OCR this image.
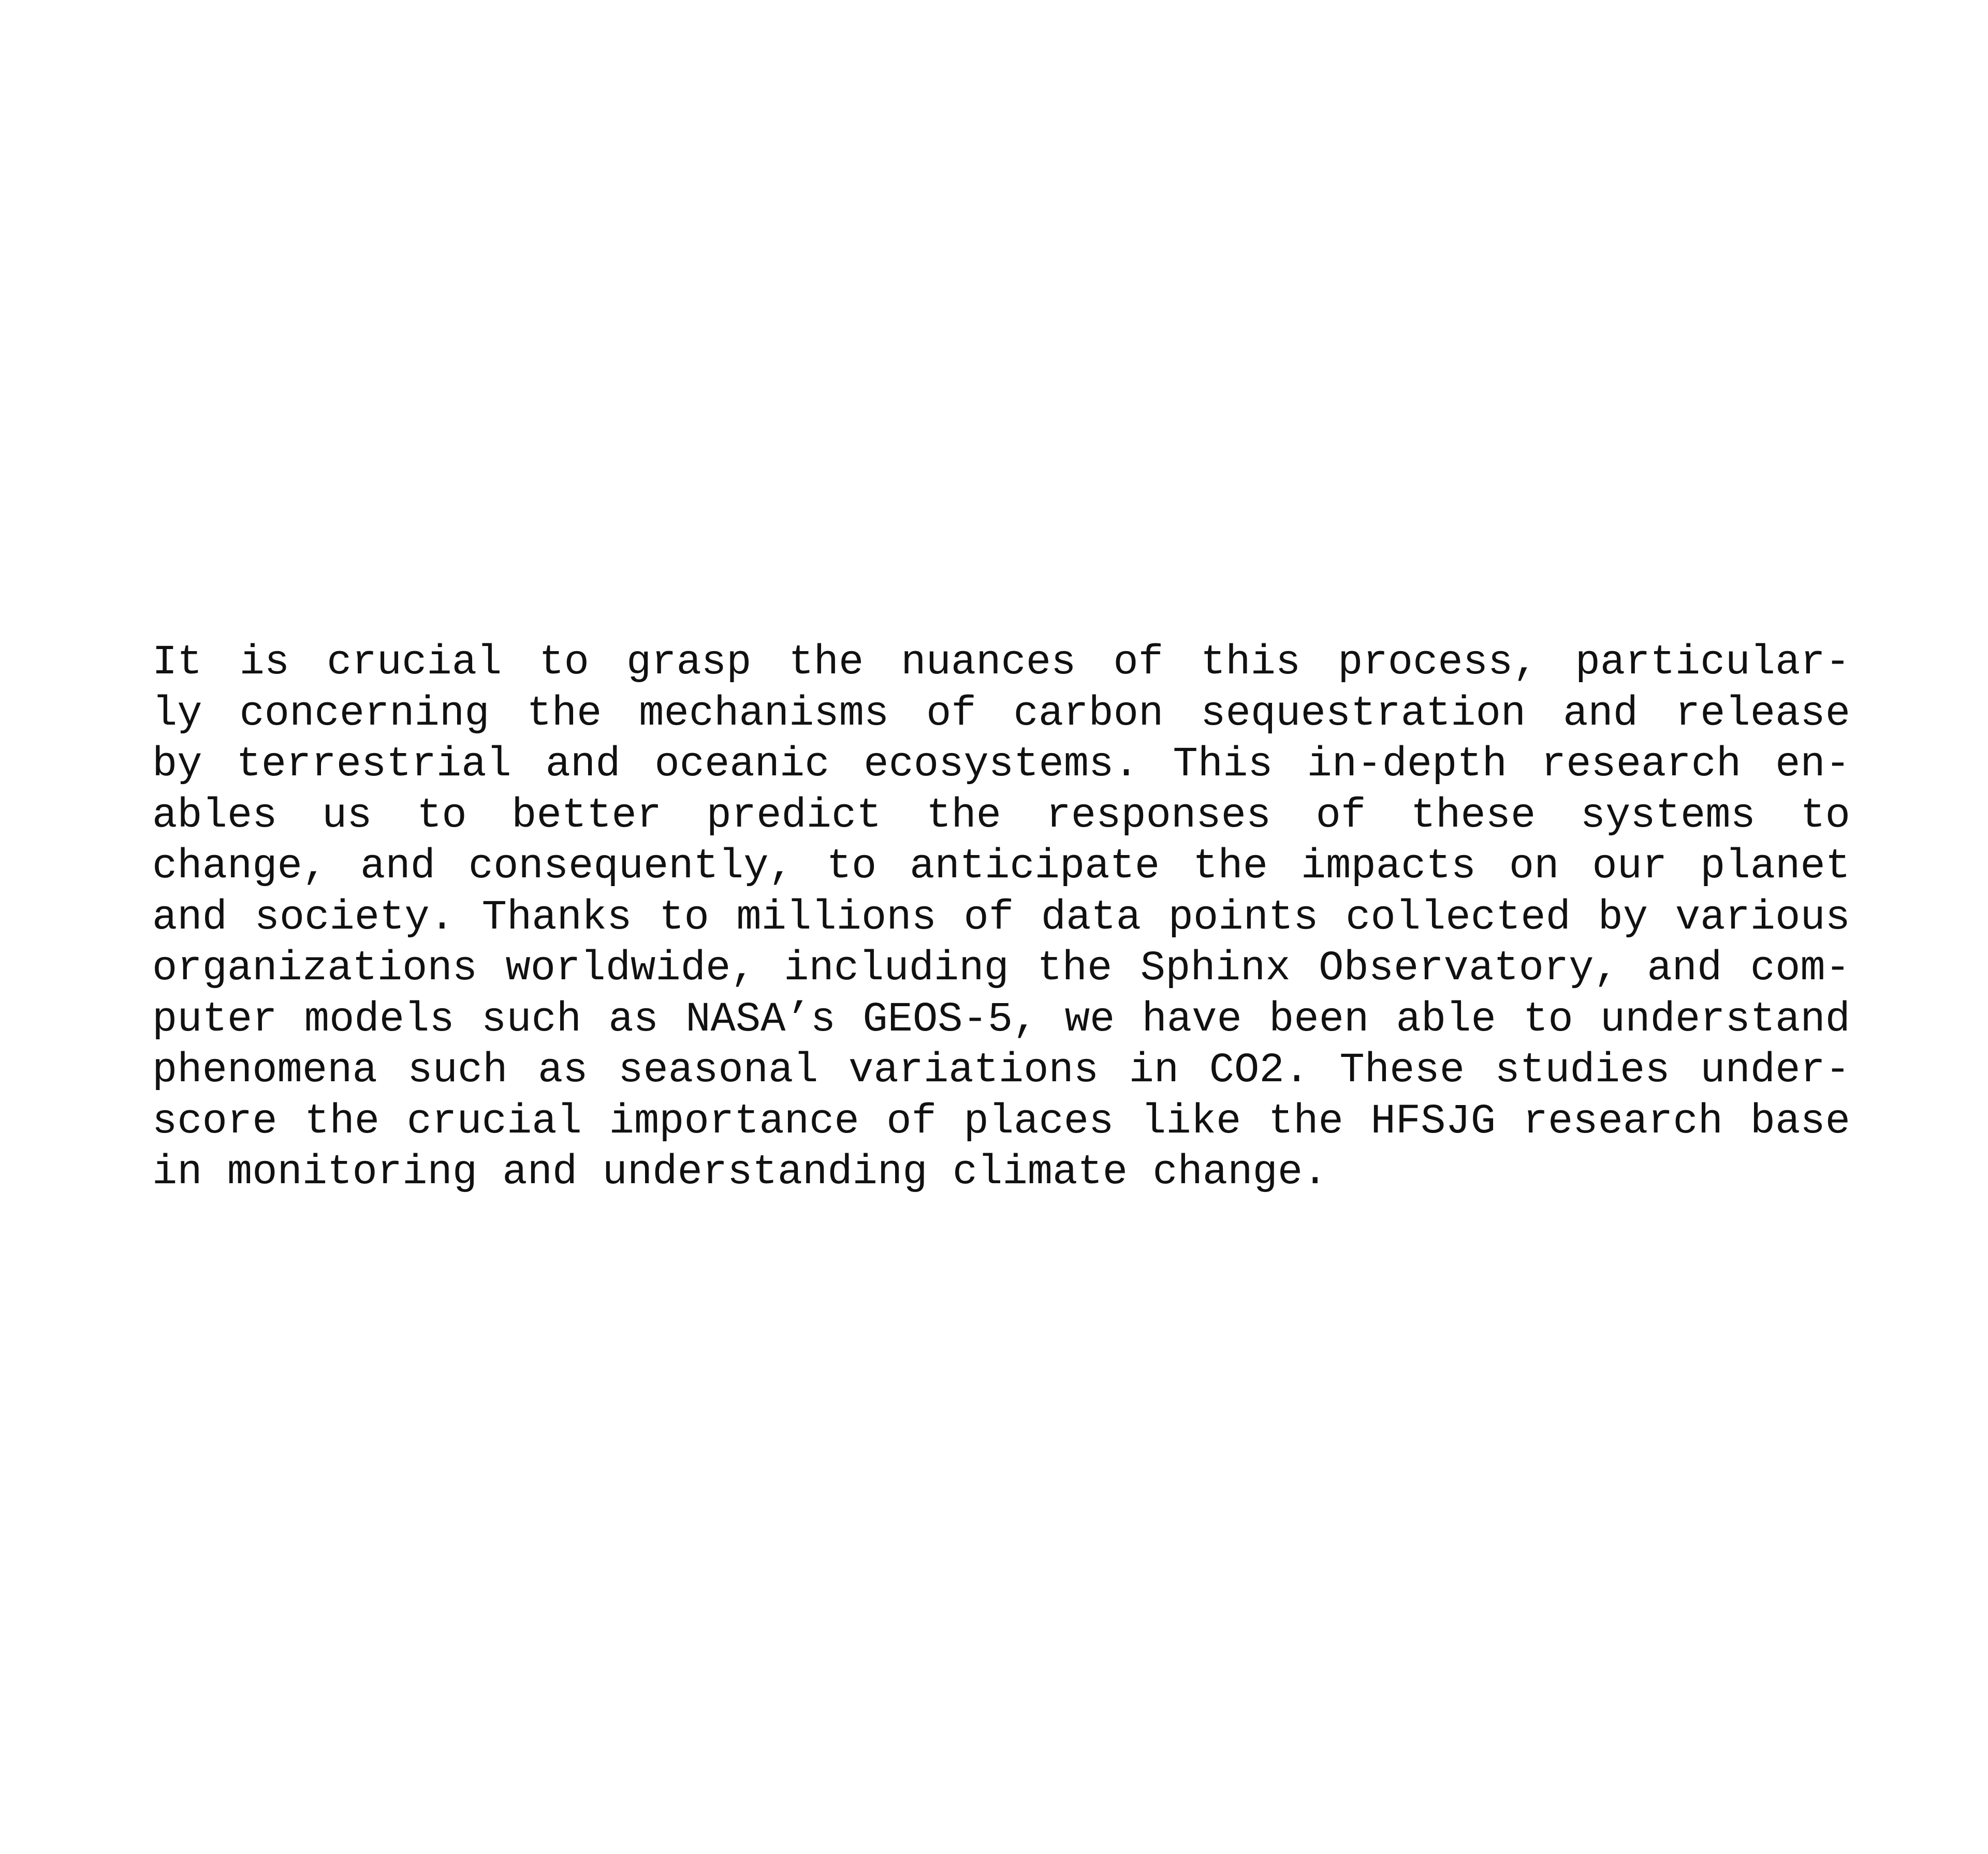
It is crucial to grasp the nuances of this process, particular-
ly concerning the mechanisms of carbon sequestration and release
by terrestrial and oceanic ecosystems. This in-depth research en-
ables us to better predict the responses of these systems to
change, and consequently, to anticipate the impacts on our planet
and society. Thanks to millions of data points collected by various
organizations worldwide, including the Sphinx Observatory, and com-
puter models such as NASA’s GEOS-5, we have been able to understand
phenomena such as seasonal variations in CO2. These studies under-
score the crucial importance of places like the HFSJG research base
in monitoring and understanding climate change.
